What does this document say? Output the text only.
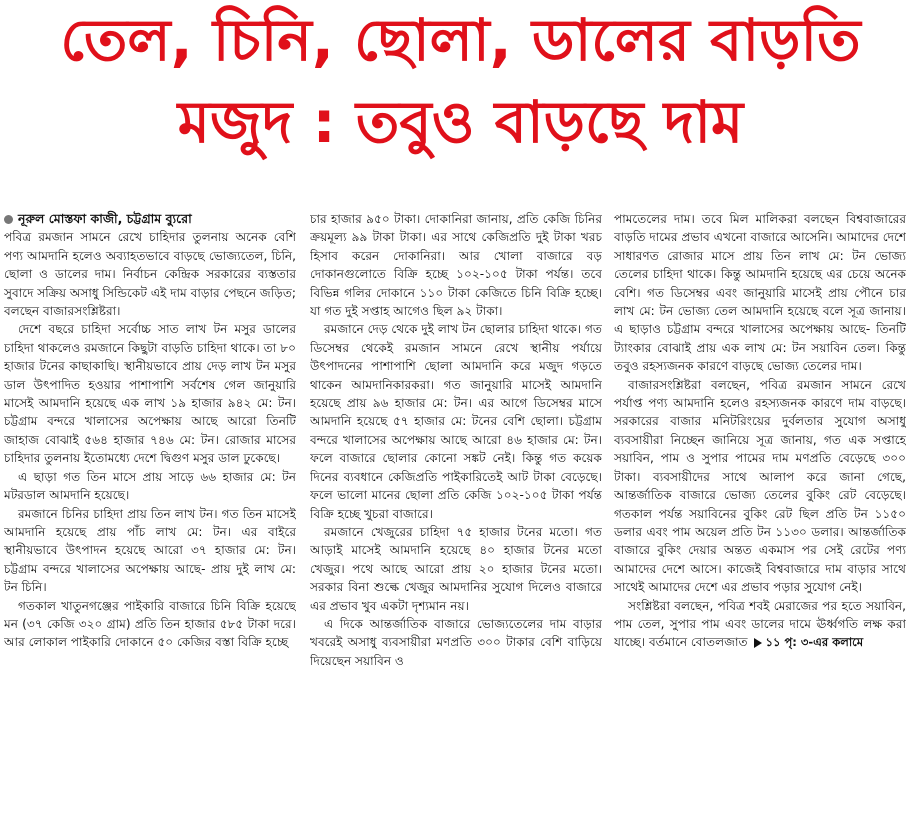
তেল, চিনি, ছোলা, ডালের বাড়তি
মজুদ : তবুও বাড়ছে দাম

নূরুল মোস্তফা কাজী, চট্টগ্রাম ব্যুরো

পবিত্র রমজান সামনে রেখে চাহিদার তুলনায় অনেক বেশি পণ্য আমদানি হলেও অব্যাহতভাবে বাড়ছে ভোজ্যতেল, চিনি, ছোলা ও ডালের দাম। নির্বাচন কেন্দ্রিক সরকারের ব্যস্ততার সুবাদে সক্রিয় অসাধু সিন্ডিকেট এই দাম বাড়ার পেছনে জড়িত; বলছেন বাজারসংশ্লিষ্টরা।

দেশে বছরে চাহিদা সর্বোচ্চ সাত লাখ টন মসুর ডালের চাহিদা থাকলেও রমজানে কিছুটা বাড়তি চাহিদা থাকে। তা ৮০ হাজার টনের কাছাকাছি। স্থানীয়ভাবে প্রায় দেড় লাখ টন মসুর ডাল উৎপাদিত হওয়ার পাশাপাশি সর্বশেষ গেল জানুয়ারি মাসেই আমদানি হয়েছে এক লাখ ১৯ হাজার ৯৪২ মে: টন। চট্টগ্রাম বন্দরে খালাসের অপেক্ষায় আছে আরো তিনটি জাহাজ বোঝাই ৫৬৪ হাজার ৭৪৬ মে: টন। রোজার মাসের চাহিদার তুলনায় ইতোমধ্যে দেশে দ্বিগুণ মসুর ডাল ঢুকেছে।

এ ছাড়া গত তিন মাসে প্রায় সাড়ে ৬৬ হাজার মে: টন মটরডাল আমদানি হয়েছে।

রমজানে চিনির চাহিদা প্রায় তিন লাখ টন। গত তিন মাসেই আমদানি হয়েছে প্রায় পাঁচ লাখ মে: টন। এর বাইরে স্থানীয়ভাবে উৎপাদন হয়েছে আরো ৩৭ হাজার মে: টন। চট্টগ্রাম বন্দরে খালাসের অপেক্ষায় আছে- প্রায় দুই লাখ মে: টন চিনি।

গতকাল খাতুনগঞ্জের পাইকারি বাজারে চিনি বিক্রি হয়েছে মন (৩৭ কেজি ৩২০ গ্রাম) প্রতি তিন হাজার ৫৮৫ টাকা দরে। আর লোকাল পাইকারি দোকানে ৫০ কেজির বস্তা বিক্রি হচ্ছে

চার হাজার ৯৫০ টাকা। দোকানিরা জানায়, প্রতি কেজি চিনির ক্রয়মূল্য ৯৯ টাকা টাকা। এর সাথে কেজিপ্রতি দুই টাকা খরচ হিসাব করেন দোকানিরা। আর খোলা বাজারে বড় দোকানগুলোতে বিক্রি হচ্ছে ১০২-১০৫ টাকা পর্যন্ত। তবে বিভিন্ন গলির দোকানে ১১০ টাকা কেজিতে চিনি বিক্রি হচ্ছে। যা গত দুই সপ্তাহ আগেও ছিল ৯২ টাকা।

রমজানে দেড় থেকে দুই লাখ টন ছোলার চাহিদা থাকে। গত ডিসেম্বর থেকেই রমজান সামনে রেখে স্থানীয় পর্যায়ে উৎপাদনের পাশাপাশি ছোলা আমদানি করে মজুদ গড়তে থাকেন আমদানিকারকরা। গত জানুয়ারি মাসেই আমদানি হয়েছে প্রায় ৯৬ হাজার মে: টন। এর আগে ডিসেম্বর মাসে আমদানি হয়েছে ৫৭ হাজার মে: টনের বেশি ছোলা। চট্টগ্রাম বন্দরে খালাসের অপেক্ষায় আছে আরো ৪৬ হাজার মে: টন। ফলে বাজারে ছোলার কোনো সঙ্কট নেই। কিন্তু গত কয়েক দিনের ব্যবধানে কেজিপ্রতি পাইকারিতেই আট টাকা বেড়েছে। ফলে ভালো মানের ছোলা প্রতি কেজি ১০২-১০৫ টাকা পর্যন্ত বিক্রি হচ্ছে খুচরা বাজারে।

রমজানে খেজুরের চাহিদা ৭৫ হাজার টনের মতো। গত আড়াই মাসেই আমদানি হয়েছে ৪০ হাজার টনের মতো খেজুর। পথে আছে আরো প্রায় ২০ হাজার টনের মতো। সরকার বিনা শুল্কে খেজুর আমদানির সুযোগ দিলেও বাজারে এর প্রভাব খুব একটা দৃশ্যমান নয়।

এ দিকে আন্তর্জাতিক বাজারে ভোজ্যতেলের দাম বাড়ার খবরেই অসাধু ব্যবসায়ীরা মণপ্রতি ৩০০ টাকার বেশি বাড়িয়ে দিয়েছেন সয়াবিন ও

পামতেলের দাম। তবে মিল মালিকরা বলছেন বিশ্ববাজারের বাড়তি দামের প্রভাব এখনো বাজারে আসেনি। আমাদের দেশে সাধারণত রোজার মাসে প্রায় তিন লাখ মে: টন ভোজ্য তেলের চাহিদা থাকে। কিন্তু আমদানি হয়েছে এর চেয়ে অনেক বেশি। গত ডিসেম্বর এবং জানুয়ারি মাসেই প্রায় পৌনে চার লাখ মে: টন ভোজ্য তেল আমদানি হয়েছে বলে সূত্র জানায়। এ ছাড়াও চট্টগ্রাম বন্দরে খালাসের অপেক্ষায় আছে- তিনটি ট্যাংকার বোঝাই প্রায় এক লাখ মে: টন সয়াবিন তেল। কিন্তু তবুও রহস্যজনক কারণে বাড়ছে ভোজ্য তেলের দাম।

বাজারসংশ্লিষ্টরা বলছেন, পবিত্র রমজান সামনে রেখে পর্যাপ্ত পণ্য আমদানি হলেও রহস্যজনক কারণে দাম বাড়ছে। সরকারের বাজার মনিটরিংয়ের দুর্বলতার সুযোগ অসাধু ব্যবসায়ীরা নিচ্ছেন জানিয়ে সূত্র জানায়, গত এক সপ্তাহে সয়াবিন, পাম ও সুপার পামের দাম মণপ্রতি বেড়েছে ৩০০ টাকা। ব্যবসায়ীদের সাথে আলাপ করে জানা গেছে, আন্তর্জাতিক বাজারে ভোজ্য তেলের বুকিং রেট বেড়েছে। গতকাল পর্যন্ত সয়াবিনের বুকিং রেট ছিল প্রতি টন ১১৫০ ডলার এবং পাম অয়েল প্রতি টন ১১৩০ ডলার। আন্তর্জাতিক বাজারে বুকিং দেয়ার অন্তত একমাস পর সেই রেটের পণ্য আমাদের দেশে আসে। কাজেই বিশ্ববাজারে দাম বাড়ার সাথে সাথেই আমাদের দেশে এর প্রভাব পড়ার সুযোগ নেই।

সংশ্লিষ্টরা বলছেন, পবিত্র শবই মেরাজের পর হতে সয়াবিন, পাম তেল, সুপার পাম এবং ডালের দামে ঊর্ধ্বগতি লক্ষ করা যাচ্ছে। বর্তমানে বোতলজাত ১১ পৃ: ৩-এর কলামে
